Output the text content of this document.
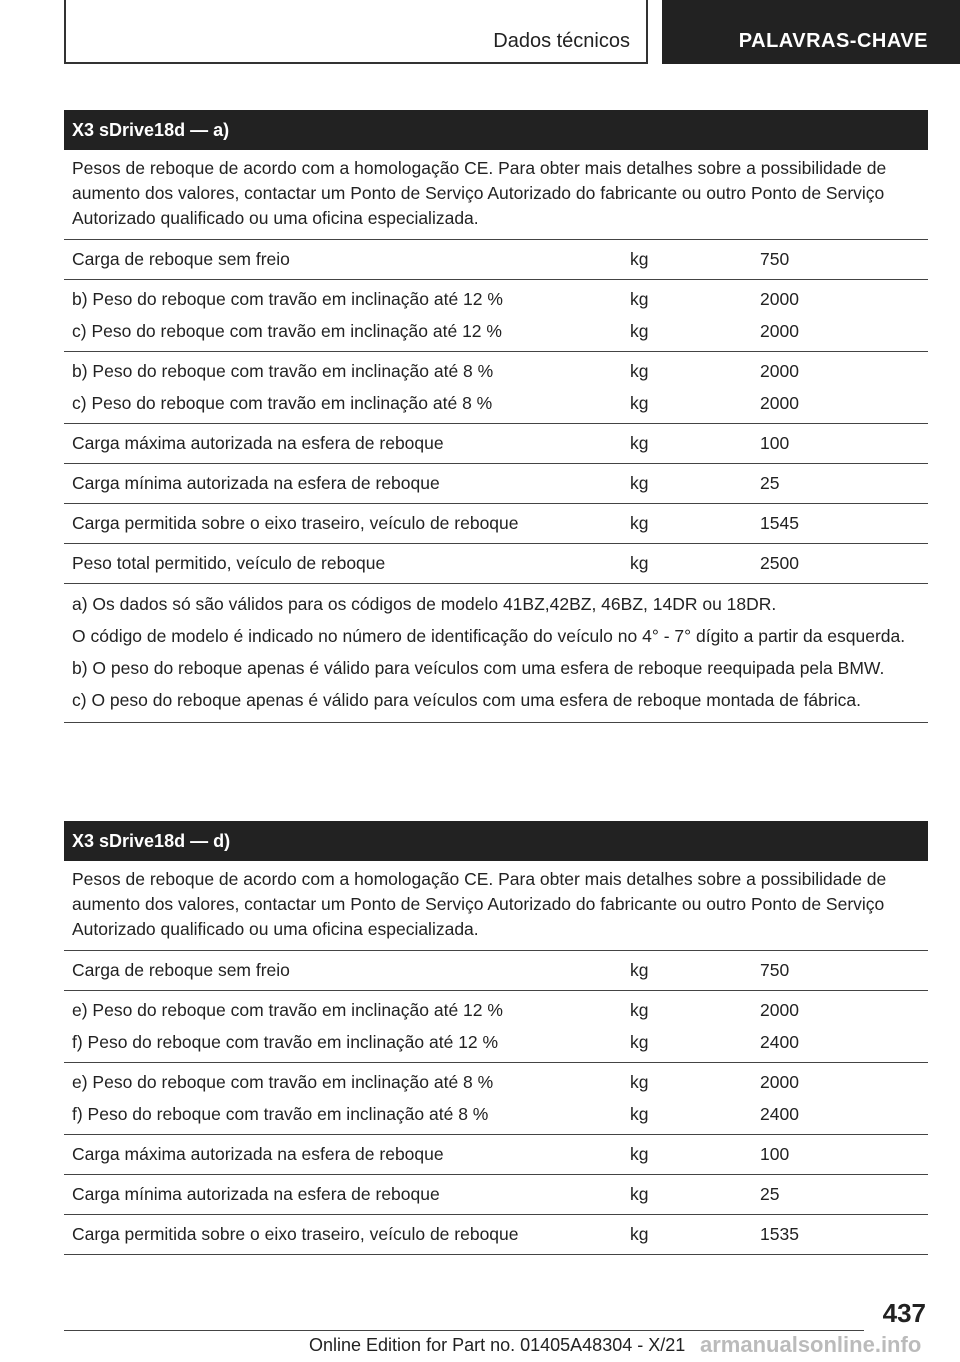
Dados técnicos	PALAVRAS-CHAVE
X3 sDrive18d — a)
Pesos de reboque de acordo com a homologação CE. Para obter mais detalhes sobre a possibilidade de aumento dos valores, contactar um Ponto de Serviço Autorizado do fabricante ou outro Ponto de Serviço Autorizado qualificado ou uma oficina especializada.
Carga de reboque sem freio	kg	750
b) Peso do reboque com travão em inclinação até 12 %	kg	2000
c) Peso do reboque com travão em inclinação até 12 %	kg	2000
b) Peso do reboque com travão em inclinação até 8 %	kg	2000
c) Peso do reboque com travão em inclinação até 8 %	kg	2000
Carga máxima autorizada na esfera de reboque	kg	100
Carga mínima autorizada na esfera de reboque	kg	25
Carga permitida sobre o eixo traseiro, veículo de reboque	kg	1545
Peso total permitido, veículo de reboque	kg	2500

a) Os dados só são válidos para os códigos de modelo 41BZ,42BZ, 46BZ, 14DR ou 18DR.

O código de modelo é indicado no número de identificação do veículo no 4° - 7° dígito a partir da esquerda.

b) O peso do reboque apenas é válido para veículos com uma esfera de reboque reequipada pela BMW.

c) O peso do reboque apenas é válido para veículos com uma esfera de reboque montada de fábrica.

X3 sDrive18d — d)
Pesos de reboque de acordo com a homologação CE. Para obter mais detalhes sobre a possibilidade de aumento dos valores, contactar um Ponto de Serviço Autorizado do fabricante ou outro Ponto de Serviço Autorizado qualificado ou uma oficina especializada.
Carga de reboque sem freio	kg	750
e) Peso do reboque com travão em inclinação até 12 %	kg	2000
f) Peso do reboque com travão em inclinação até 12 %	kg	2400
e) Peso do reboque com travão em inclinação até 8 %	kg	2000
f) Peso do reboque com travão em inclinação até 8 %	kg	2400
Carga máxima autorizada na esfera de reboque	kg	100
Carga mínima autorizada na esfera de reboque	kg	25
Carga permitida sobre o eixo traseiro, veículo de reboque	kg	1535
437
Online Edition for Part no. 01405A48304 - X/21 armanualsonline.info
